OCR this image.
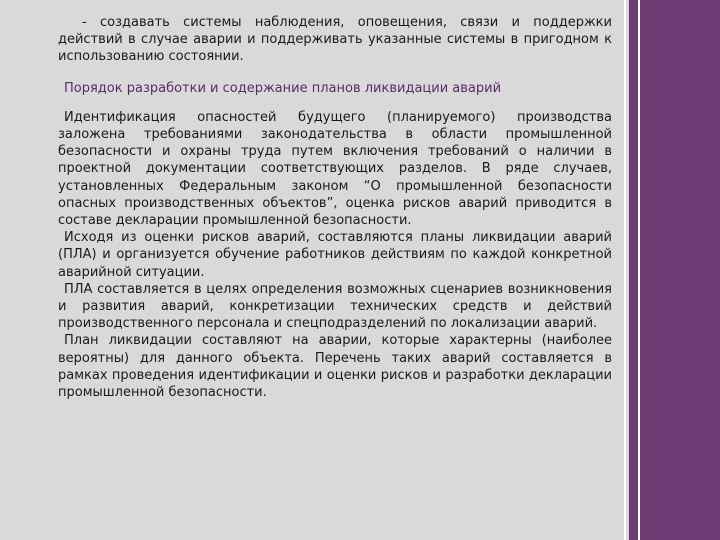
- создавать системы наблюдения, оповещения, связи и поддержки действий в случае аварии и поддерживать указанные системы в пригодном к использованию состоянии.

Порядок разработки и содержание планов ликвидации аварий

Идентификация опасностей будущего (планируемого) производства заложена требованиями законодательства в области промышленной безопасности и охраны труда путем включения требований о наличии в проектной документации соответствующих разделов. В ряде случаев, установленных Федеральным законом “О промышленной безопасности опасных производственных объектов”, оценка рисков аварий приводится в составе декларации промышленной безопасности.

Исходя из оценки рисков аварий, составляются планы ликвидации аварий (ПЛА) и организуется обучение работников действиям по каждой конкретной аварийной ситуации.

ПЛА составляется в целях определения возможных сценариев возникновения и развития аварий, конкретизации технических средств и действий производственного персонала и спецподразделений по локализации аварий.

План ликвидации составляют на аварии, которые характерны (наиболее вероятны) для данного объекта. Перечень таких аварий составляется в рамках проведения идентификации и оценки рисков и разработки декларации промышленной безопасности.
